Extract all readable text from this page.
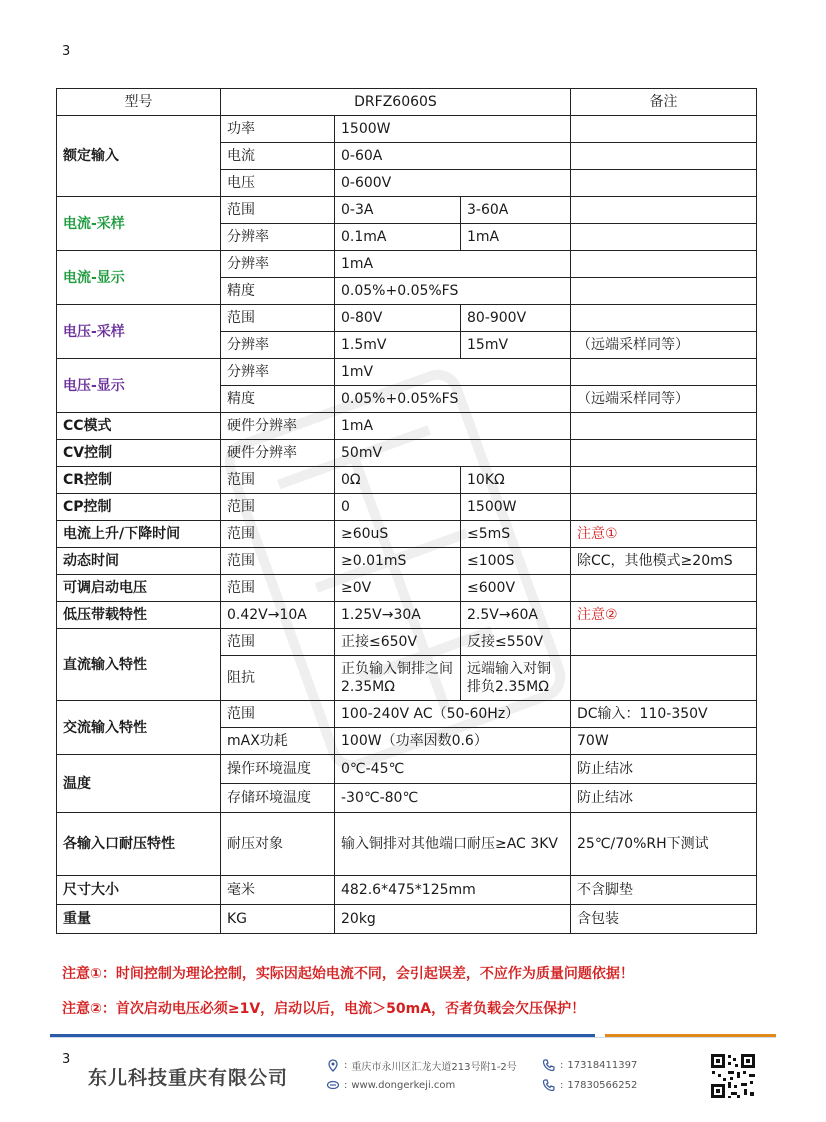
3
型号	DRFZ6060S			备注
额定输入	功率	1500W		
	电流	0-60A		
	电压	0-600V		
电流-采样	范围	0-3A	3-60A	
	分辨率	0.1mA	1mA	
电流-显示	分辨率	1mA		
	精度	0.05%+0.05%FS		
电压-采样	范围	0-80V	80-900V	
	分辨率	1.5mV	15mV	（远端采样同等）
电压-显示	分辨率	1mV		
	精度	0.05%+0.05%FS		（远端采样同等）
CC模式	硬件分辨率	1mA		
CV控制	硬件分辨率	50mV		
CR控制	范围	0Ω	10KΩ	
CP控制	范围	0	1500W	
电流上升/下降时间	范围	≥60uS	≤5mS	注意①
动态时间	范围	≥0.01mS	≤100S	除CC，其他模式≥20mS
可调启动电压	范围	≥0V	≤600V	
低压带载特性	0.42V→10A	1.25V→30A	2.5V→60A	注意②
直流输入特性	范围	正接≤650V	反接≤550V	
	阻抗	正负输入铜排之间2.35MΩ	远端输入对铜排负2.35MΩ	
交流输入特性	范围	100-240V AC（50-60Hz）		DC输入：110-350V
	mAX功耗	100W（功率因数0.6）		70W
温度	操作环境温度	0℃-45℃		防止结冰
	存储环境温度	-30℃-80℃		防止结冰
各输入口耐压特性	耐压对象	输入铜排对其他端口耐压≥AC 3KV		25℃/70%RH下测试
尺寸大小	毫米	482.6*475*125mm		不含脚垫
重量	KG	20kg		含包装
注意①：时间控制为理论控制，实际因起始电流不同，会引起误差，不应作为质量问题依据！
注意②：首次启动电压必须≥1V，启动以后，电流＞50mA，否者负载会欠压保护！
3
东儿科技重庆有限公司
: 重庆市永川区汇龙大道213号附1-2号
: www.dongerkeji.com
: 17318411397
: 17830566252
